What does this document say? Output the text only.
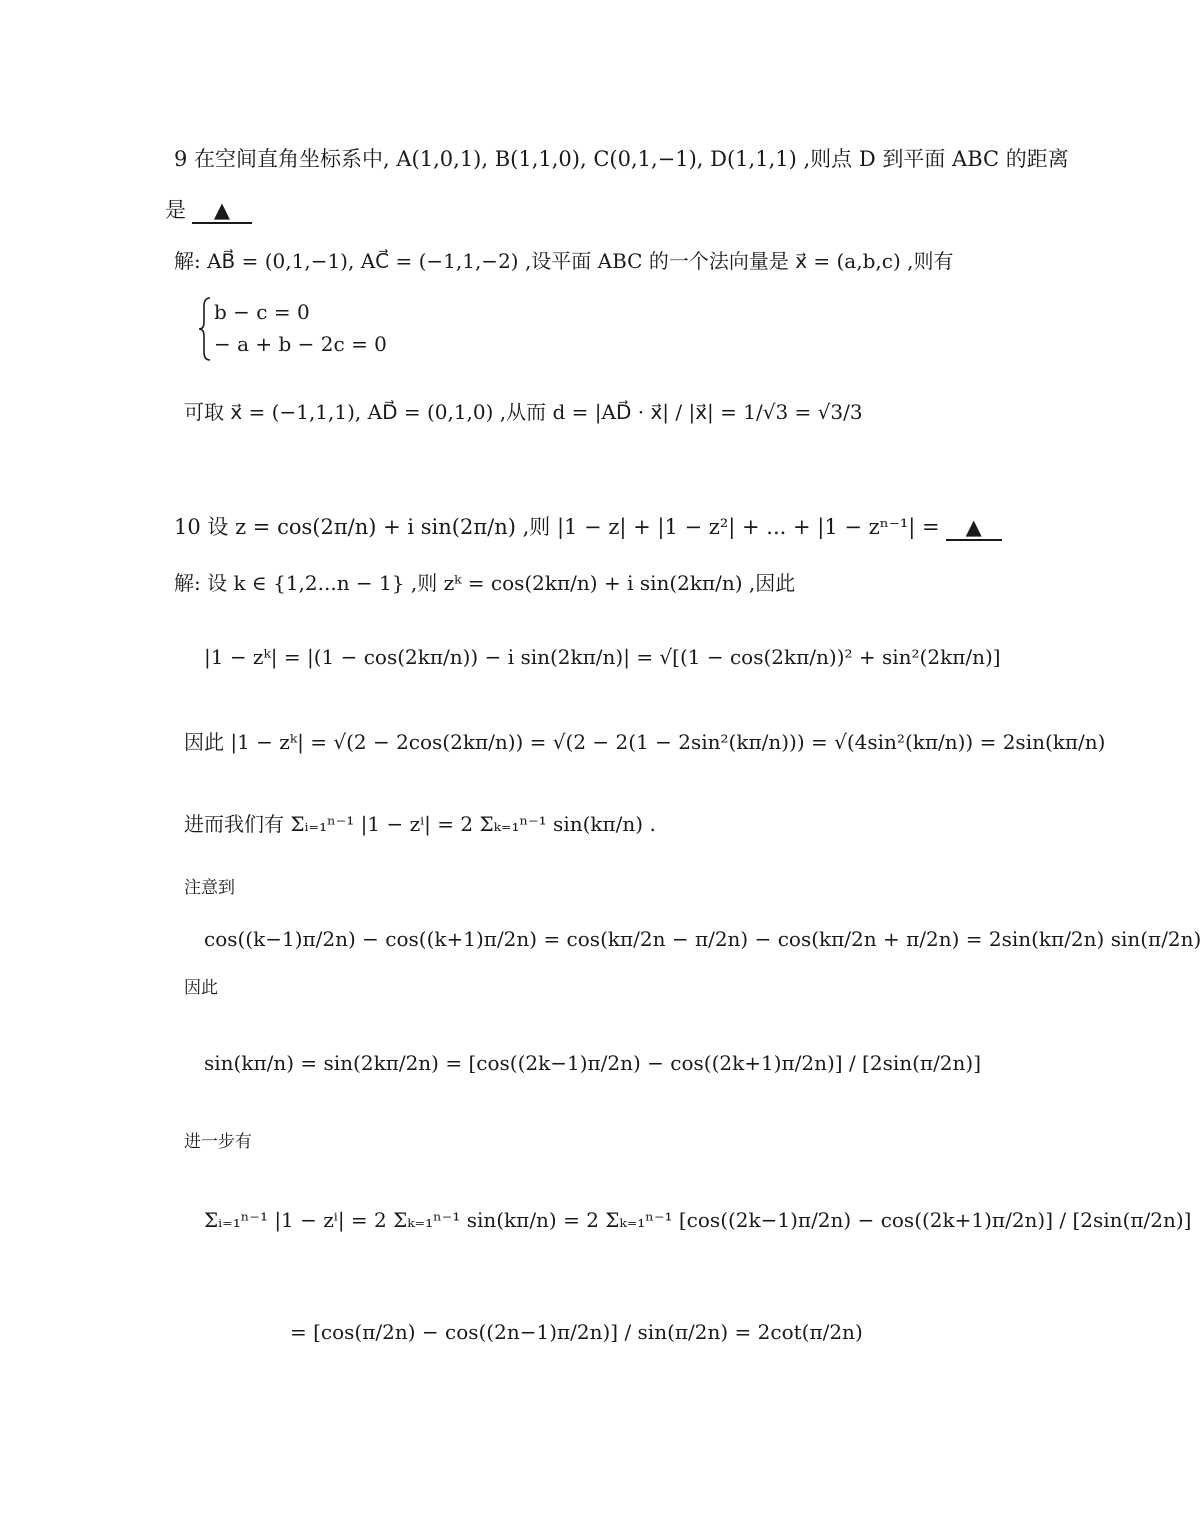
9 在空间直角坐标系中, A(1,0,1), B(1,1,0), C(0,1,−1), D(1,1,1) ,则点 D 到平面 ABC 的距离
是 ▲
解: AB⃗ = (0,1,−1), AC⃗ = (−1,1,−2) ,设平面 ABC 的一个法向量是 x⃗ = (a,b,c) ,则有
b − c = 0
− a + b − 2c = 0
可取 x⃗ = (−1,1,1), AD⃗ = (0,1,0) ,从而 d = |AD⃗ · x⃗| / |x⃗| = 1/√3 = √3/3
10 设 z = cos(2π/n) + i sin(2π/n) ,则 |1 − z| + |1 − z²| + ... + |1 − zⁿ⁻¹| = ▲
解: 设 k ∈ {1,2...n − 1} ,则 zᵏ = cos(2kπ/n) + i sin(2kπ/n) ,因此
|1 − zᵏ| = |(1 − cos(2kπ/n)) − i sin(2kπ/n)| = √[(1 − cos(2kπ/n))² + sin²(2kπ/n)]
因此 |1 − zᵏ| = √(2 − 2cos(2kπ/n)) = √(2 − 2(1 − 2sin²(kπ/n))) = √(4sin²(kπ/n)) = 2sin(kπ/n)
进而我们有 Σᵢ₌₁ⁿ⁻¹ |1 − zⁱ| = 2 Σₖ₌₁ⁿ⁻¹ sin(kπ/n) .
注意到
cos((k−1)π/2n) − cos((k+1)π/2n) = cos(kπ/2n − π/2n) − cos(kπ/2n + π/2n) = 2sin(kπ/2n) sin(π/2n)
因此
sin(kπ/n) = sin(2kπ/2n) = [cos((2k−1)π/2n) − cos((2k+1)π/2n)] / [2sin(π/2n)]
进一步有
Σᵢ₌₁ⁿ⁻¹ |1 − zⁱ| = 2 Σₖ₌₁ⁿ⁻¹ sin(kπ/n) = 2 Σₖ₌₁ⁿ⁻¹ [cos((2k−1)π/2n) − cos((2k+1)π/2n)] / [2sin(π/2n)]
= [cos(π/2n) − cos((2n−1)π/2n)] / sin(π/2n) = 2cot(π/2n)
